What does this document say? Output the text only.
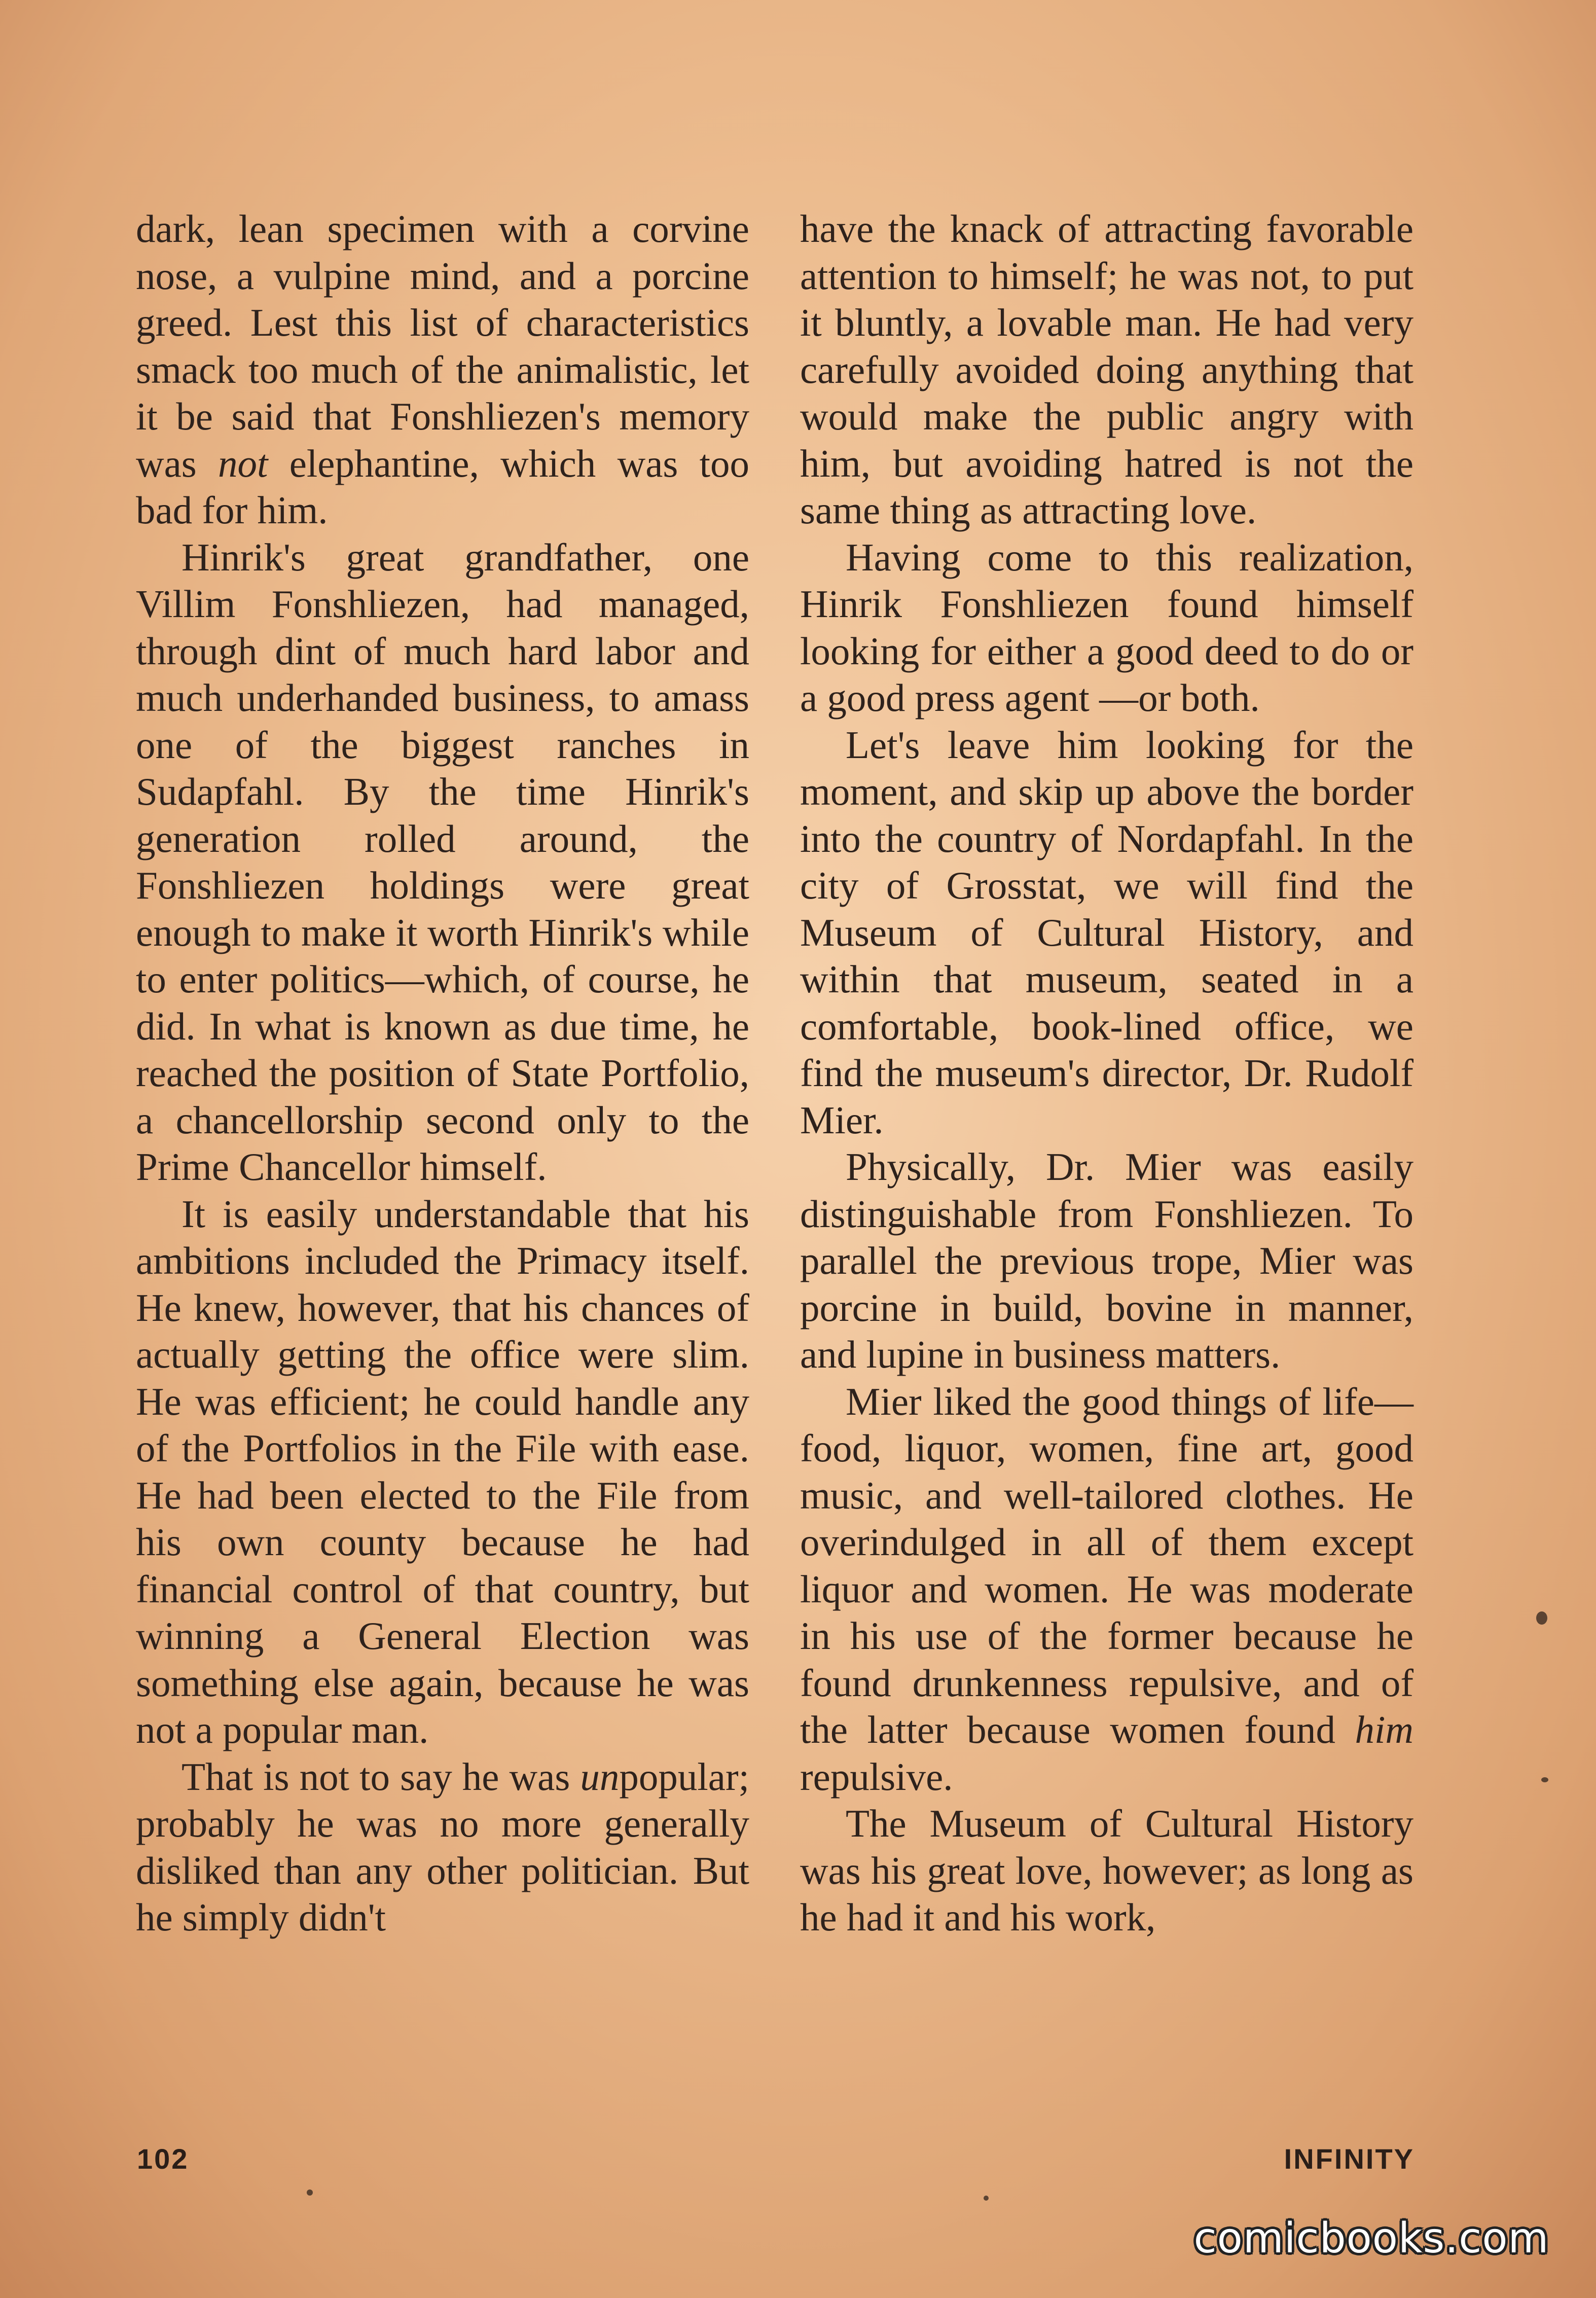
dark, lean specimen with a corvine nose, a vulpine mind, and a porcine greed. Lest this list of characteristics smack too much of the animalistic, let it be said that Fonshliezen's memory was not elephantine, which was too bad for him.

Hinrik's great grandfather, one Villim Fonshliezen, had managed, through dint of much hard labor and much underhanded business, to amass one of the biggest ranches in Sudapfahl. By the time Hinrik's generation rolled around, the Fonshliezen holdings were great enough to make it worth Hinrik's while to enter politics—which, of course, he did. In what is known as due time, he reached the position of State Portfolio, a chancellorship second only to the Prime Chancellor himself.

It is easily understandable that his ambitions included the Primacy itself. He knew, however, that his chances of actually getting the office were slim. He was efficient; he could handle any of the Portfolios in the File with ease. He had been elected to the File from his own county because he had financial control of that country, but winning a General Election was something else again, because he was not a popular man.

That is not to say he was unpopular; probably he was no more generally disliked than any other politician. But he simply didn't

have the knack of attracting favorable attention to himself; he was not, to put it bluntly, a lovable man. He had very carefully avoided doing anything that would make the public angry with him, but avoiding hatred is not the same thing as attracting love.

Having come to this realization, Hinrik Fonshliezen found himself looking for either a good deed to do or a good press agent —or both.

Let's leave him looking for the moment, and skip up above the border into the country of Nordapfahl. In the city of Grosstat, we will find the Museum of Cultural History, and within that museum, seated in a comfortable, book-lined office, we find the museum's director, Dr. Rudolf Mier.

Physically, Dr. Mier was easily distinguishable from Fonshliezen. To parallel the previous trope, Mier was porcine in build, bovine in manner, and lupine in business matters.

Mier liked the good things of life—food, liquor, women, fine art, good music, and well-tailored clothes. He overindulged in all of them except liquor and women. He was moderate in his use of the former because he found drunkenness repulsive, and of the latter because women found him repulsive.

The Museum of Cultural History was his great love, however; as long as he had it and his work,

102	INFINITY
comicbooks.com
